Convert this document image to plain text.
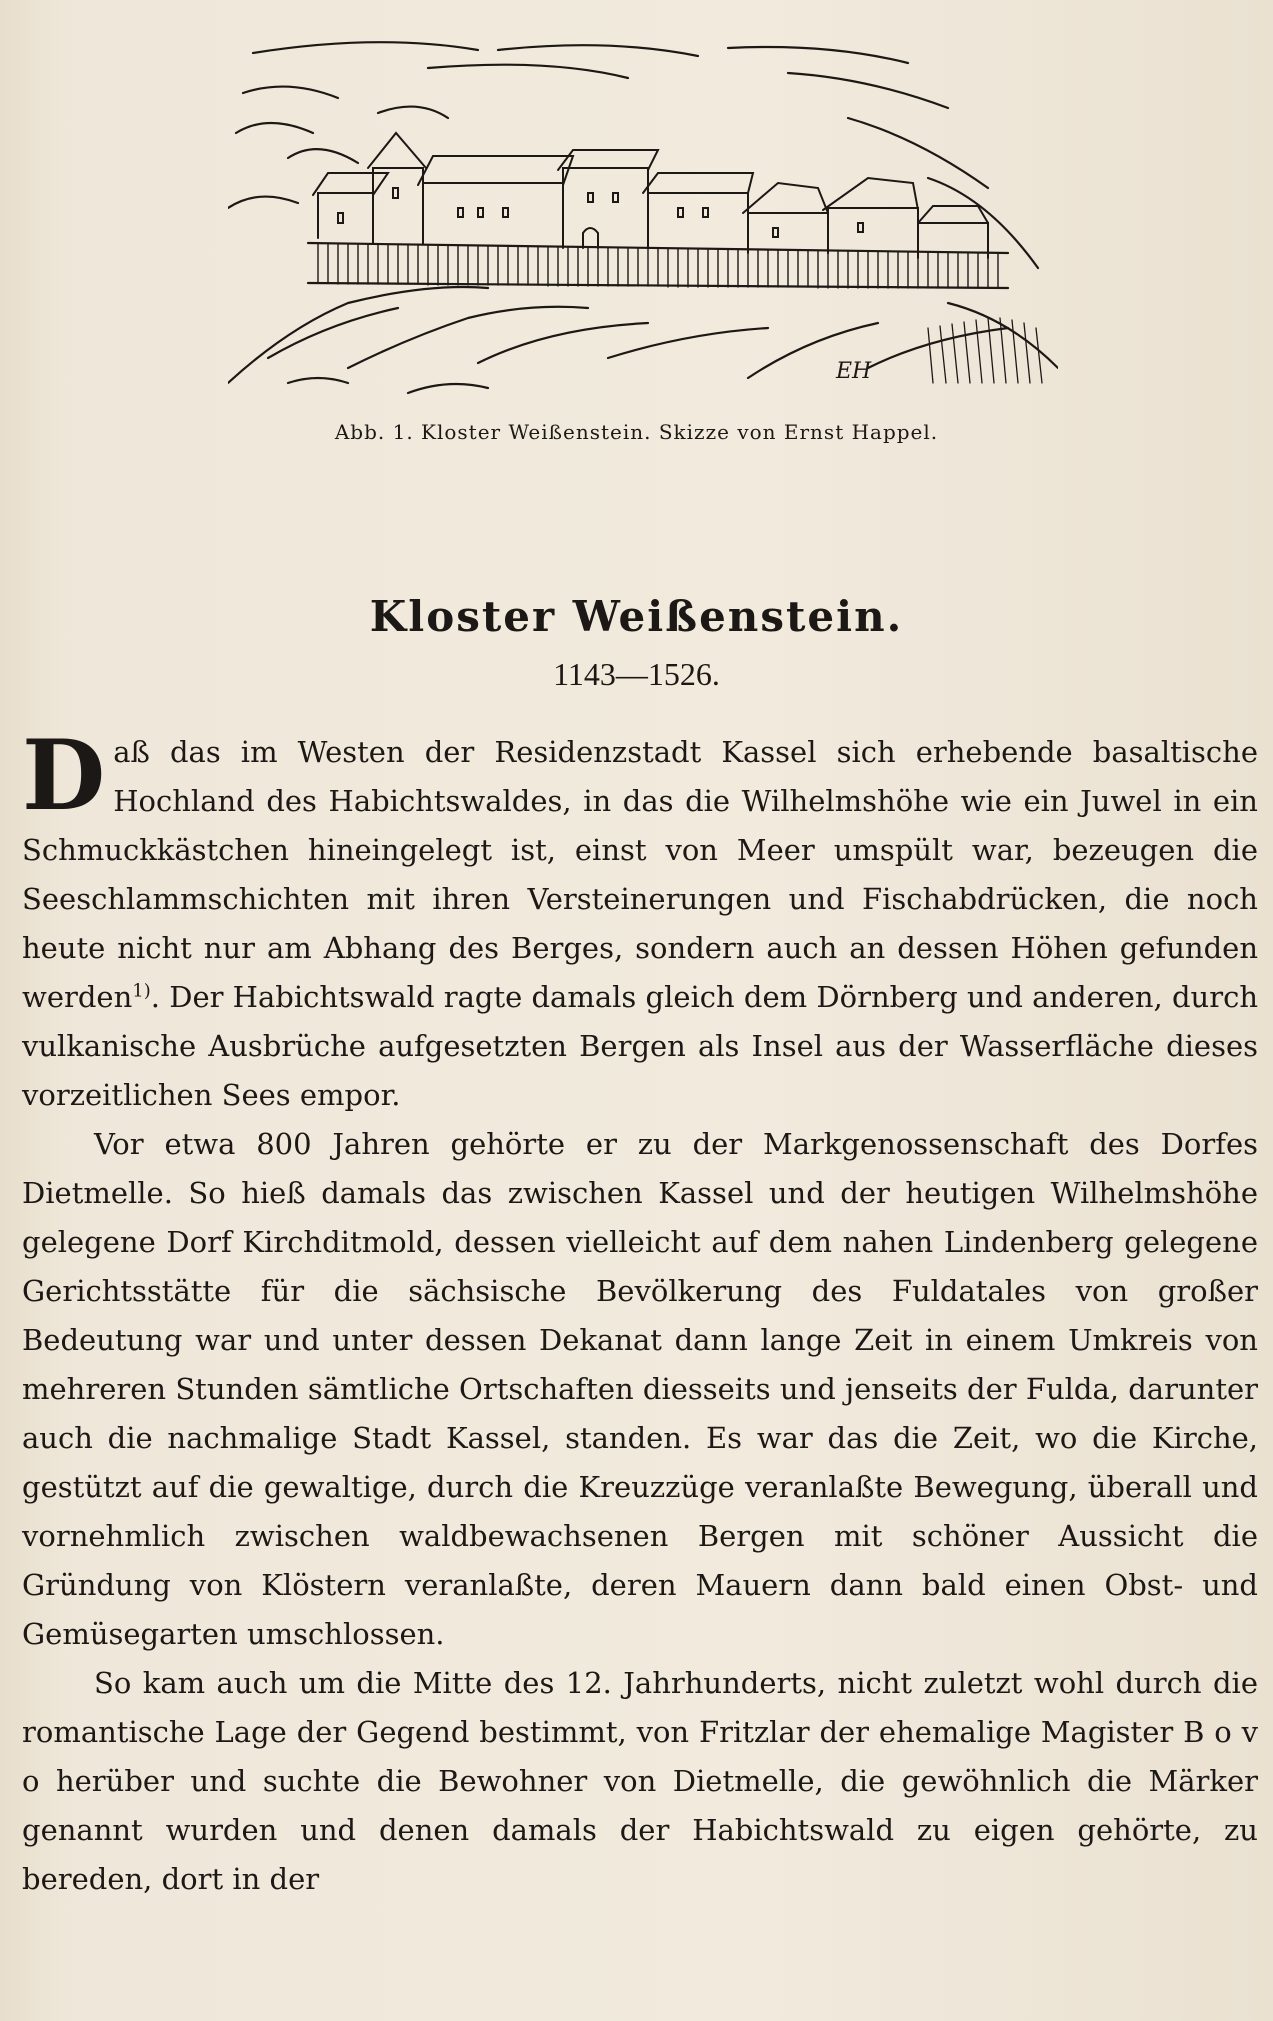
EH
Abb. 1. Kloster Weißenstein. Skizze von Ernst Happel.
Kloster Weißenstein.
1143—1526.

Daß das im Westen der Residenzstadt Kassel sich erhebende basaltische Hochland des Habichtswaldes, in das die Wilhelmshöhe wie ein Juwel in ein Schmuckkästchen hineingelegt ist, einst von Meer umspült war, bezeugen die Seeschlammschichten mit ihren Versteinerungen und Fischabdrücken, die noch heute nicht nur am Abhang des Berges, sondern auch an dessen Höhen gefunden werden$^{1)}$. Der Habichtswald ragte damals gleich dem Dörnberg und anderen, durch vulkanische Ausbrüche aufgesetzten Bergen als Insel aus der Wasserfläche dieses vorzeitlichen Sees empor.

Vor etwa 800 Jahren gehörte er zu der Markgenossenschaft des Dorfes Dietmelle. So hieß damals das zwischen Kassel und der heutigen Wilhelmshöhe gelegene Dorf Kirchditmold, dessen vielleicht auf dem nahen Lindenberg gelegene Gerichtsstätte für die sächsische Bevölkerung des Fuldatales von großer Bedeutung war und unter dessen Dekanat dann lange Zeit in einem Umkreis von mehreren Stunden sämtliche Ortschaften diesseits und jenseits der Fulda, darunter auch die nachmalige Stadt Kassel, standen. Es war das die Zeit, wo die Kirche, gestützt auf die gewaltige, durch die Kreuzzüge veranlaßte Bewegung, überall und vornehmlich zwischen waldbewachsenen Bergen mit schöner Aussicht die Gründung von Klöstern veranlaßte, deren Mauern dann bald einen Obst- und Gemüsegarten umschlossen.

So kam auch um die Mitte des 12. Jahrhunderts, nicht zuletzt wohl durch die romantische Lage der Gegend bestimmt, von Fritzlar der ehemalige Magister B o v o herüber und suchte die Bewohner von Dietmelle, die gewöhnlich die Märker genannt wurden und denen damals der Habichtswald zu eigen gehörte, zu bereden, dort in der
